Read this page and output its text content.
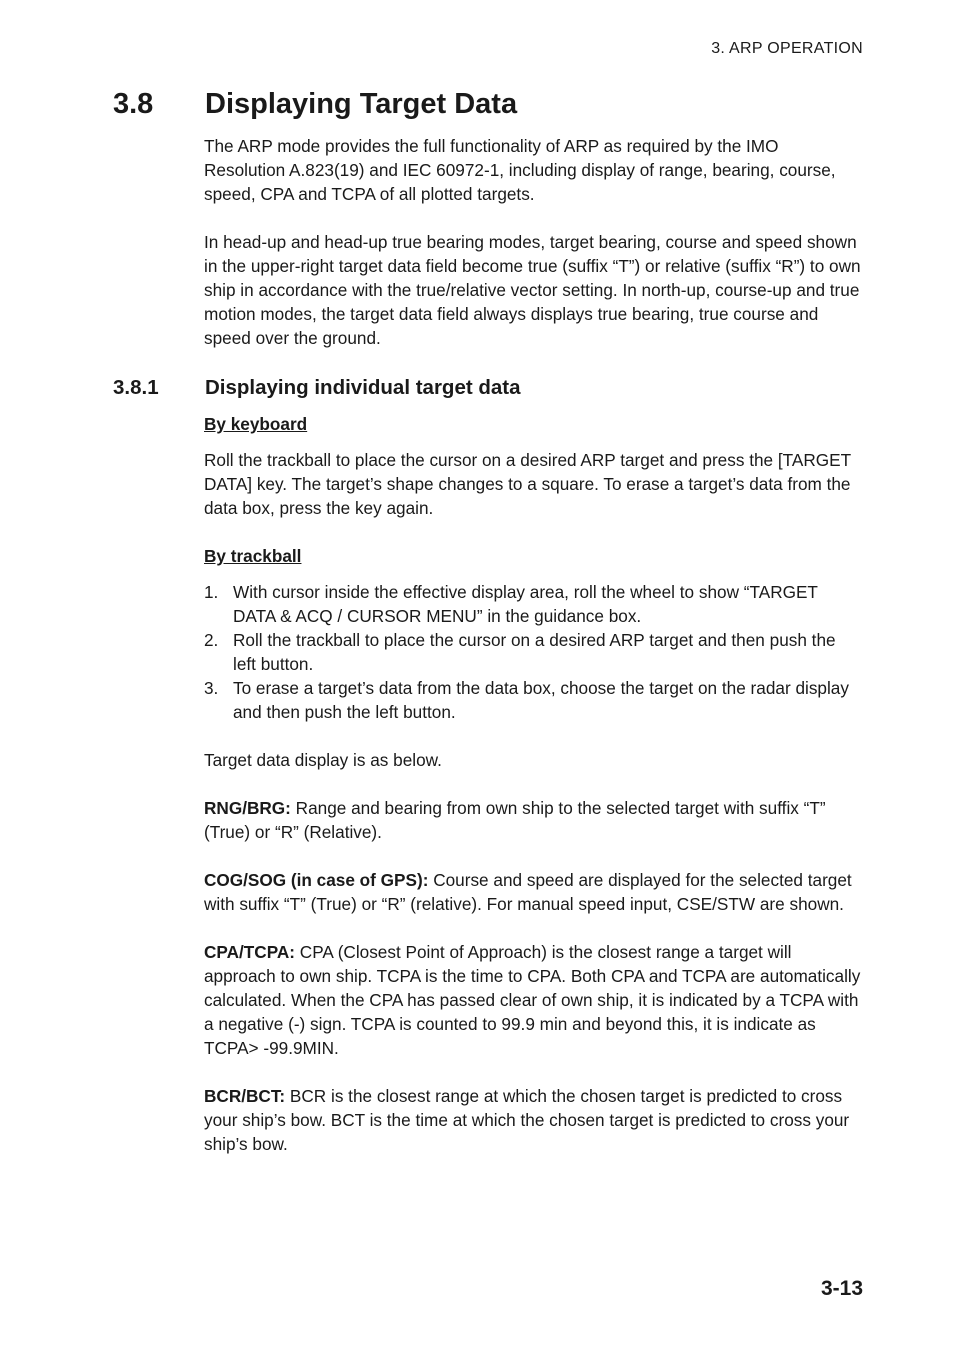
3. ARP OPERATION
3.8 Displaying Target Data

The ARP mode provides the full functionality of ARP as required by the IMO Resolution A.823(19) and IEC 60972-1, including display of range, bearing, course, speed, CPA and TCPA of all plotted targets.

In head-up and head-up true bearing modes, target bearing, course and speed shown in the upper-right target data field become true (suffix “T”) or relative (suffix “R”) to own ship in accordance with the true/relative vector setting. In north-up, course-up and true motion modes, the target data field always displays true bearing, true course and speed over the ground.

3.8.1 Displaying individual target data
By keyboard

Roll the trackball to place the cursor on a desired ARP target and press the [TARGET DATA] key. The target’s shape changes to a square. To erase a target’s data from the data box, press the key again.

By trackball
1. With cursor inside the effective display area, roll the wheel to show “TARGET DATA & ACQ / CURSOR MENU” in the guidance box.
2. Roll the trackball to place the cursor on a desired ARP target and then push the left button.
3. To erase a target’s data from the data box, choose the target on the radar display and then push the left button.

Target data display is as below.

RNG/BRG: Range and bearing from own ship to the selected target with suffix “T” (True) or “R” (Relative).

COG/SOG (in case of GPS): Course and speed are displayed for the selected target with suffix “T” (True) or “R” (relative). For manual speed input, CSE/STW are shown.

CPA/TCPA: CPA (Closest Point of Approach) is the closest range a target will approach to own ship. TCPA is the time to CPA. Both CPA and TCPA are automatically calculated. When the CPA has passed clear of own ship, it is indicated by a TCPA with a negative (-) sign. TCPA is counted to 99.9 min and beyond this, it is indicate as TCPA> -99.9MIN.

BCR/BCT: BCR is the closest range at which the chosen target is predicted to cross your ship’s bow. BCT is the time at which the chosen target is predicted to cross your ship’s bow.

3-13
